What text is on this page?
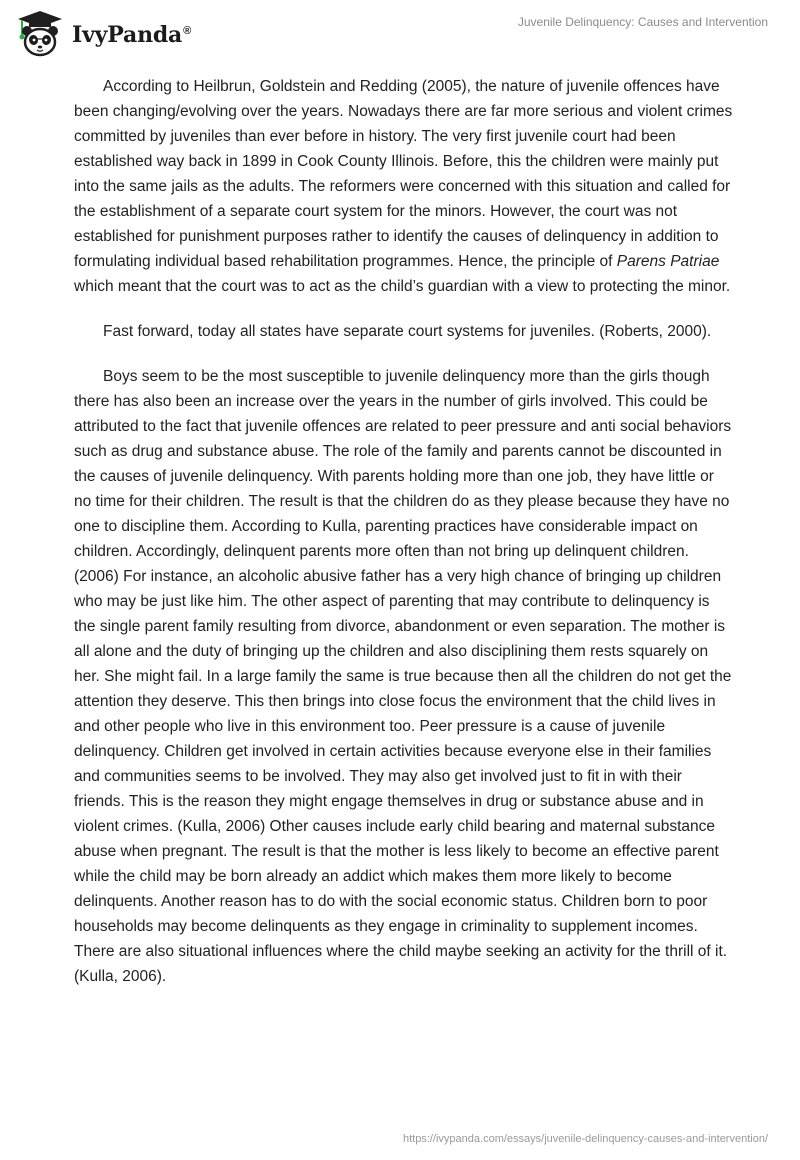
IvyPanda®
Juvenile Delinquency: Causes and Intervention

According to Heilbrun, Goldstein and Redding (2005), the nature of juvenile offences have been changing/evolving over the years. Nowadays there are far more serious and violent crimes committed by juveniles than ever before in history. The very first juvenile court had been established way back in 1899 in Cook County Illinois. Before, this the children were mainly put into the same jails as the adults. The reformers were concerned with this situation and called for the establishment of a separate court system for the minors. However, the court was not established for punishment purposes rather to identify the causes of delinquency in addition to formulating individual based rehabilitation programmes. Hence, the principle of Parens Patriae which meant that the court was to act as the child’s guardian with a view to protecting the minor.

Fast forward, today all states have separate court systems for juveniles. (Roberts, 2000).

Boys seem to be the most susceptible to juvenile delinquency more than the girls though there has also been an increase over the years in the number of girls involved. This could be attributed to the fact that juvenile offences are related to peer pressure and anti social behaviors such as drug and substance abuse. The role of the family and parents cannot be discounted in the causes of juvenile delinquency. With parents holding more than one job, they have little or no time for their children. The result is that the children do as they please because they have no one to discipline them. According to Kulla, parenting practices have considerable impact on children. Accordingly, delinquent parents more often than not bring up delinquent children. (2006) For instance, an alcoholic abusive father has a very high chance of bringing up children who may be just like him. The other aspect of parenting that may contribute to delinquency is the single parent family resulting from divorce, abandonment or even separation. The mother is all alone and the duty of bringing up the children and also disciplining them rests squarely on her. She might fail. In a large family the same is true because then all the children do not get the attention they deserve. This then brings into close focus the environment that the child lives in and other people who live in this environment too. Peer pressure is a cause of juvenile delinquency. Children get involved in certain activities because everyone else in their families and communities seems to be involved. They may also get involved just to fit in with their friends. This is the reason they might engage themselves in drug or substance abuse and in violent crimes. (Kulla, 2006) Other causes include early child bearing and maternal substance abuse when pregnant. The result is that the mother is less likely to become an effective parent while the child may be born already an addict which makes them more likely to become delinquents. Another reason has to do with the social economic status. Children born to poor households may become delinquents as they engage in criminality to supplement incomes. There are also situational influences where the child maybe seeking an activity for the thrill of it. (Kulla, 2006).

https://ivypanda.com/essays/juvenile-delinquency-causes-and-intervention/
